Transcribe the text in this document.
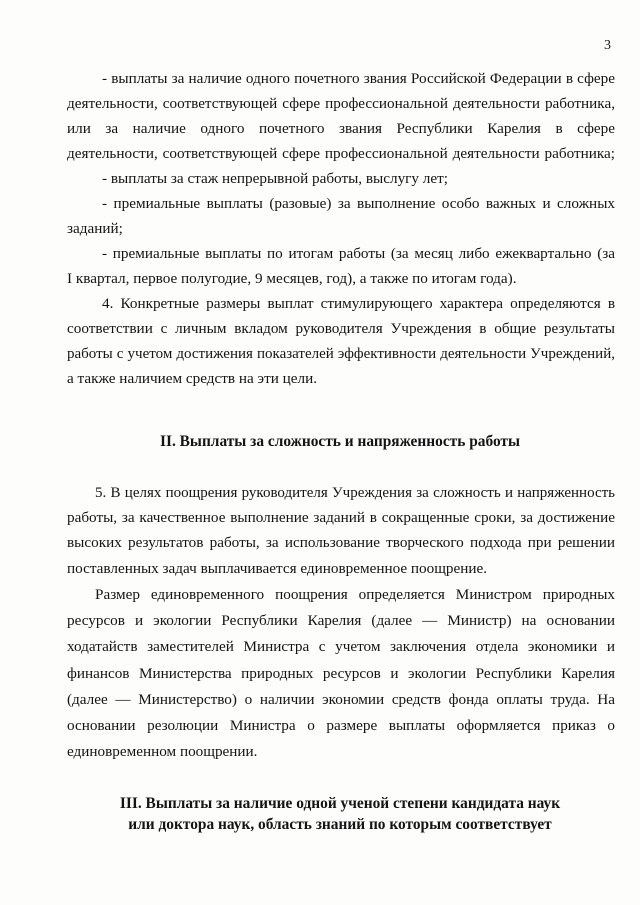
3
- выплаты за наличие одного почетного звания Российской Федерации в сфере
деятельности, соответствующей сфере профессиональной деятельности работника,
или за наличие одного почетного звания Республики Карелия в сфере
деятельности, соответствующей сфере профессиональной деятельности работника;
- выплаты за стаж непрерывной работы, выслугу лет;
- премиальные выплаты (разовые) за выполнение особо важных и сложных
заданий;
- премиальные выплаты по итогам работы (за месяц либо ежеквартально (за
I квартал, первое полугодие, 9 месяцев, год), а также по итогам года).
4. Конкретные размеры выплат стимулирующего характера определяются в
соответствии с личным вкладом руководителя Учреждения в общие результаты
работы с учетом достижения показателей эффективности деятельности Учреждений,
а также наличием средств на эти цели.
II. Выплаты за сложность и напряженность работы
5. В целях поощрения руководителя Учреждения за сложность и напряженность
работы, за качественное выполнение заданий в сокращенные сроки, за достижение
высоких результатов работы, за использование творческого подхода при решении
поставленных задач выплачивается единовременное поощрение.
Размер единовременного поощрения определяется Министром природных
ресурсов и экологии Республики Карелия (далее — Министр) на основании
ходатайств заместителей Министра с учетом заключения отдела экономики и
финансов Министерства природных ресурсов и экологии Республики Карелия
(далее — Министерство) о наличии экономии средств фонда оплаты труда. На
основании резолюции Министра о размере выплаты оформляется приказ о
единовременном поощрении.
III. Выплаты за наличие одной ученой степени кандидата наук
или доктора наук, область знаний по которым соответствует
